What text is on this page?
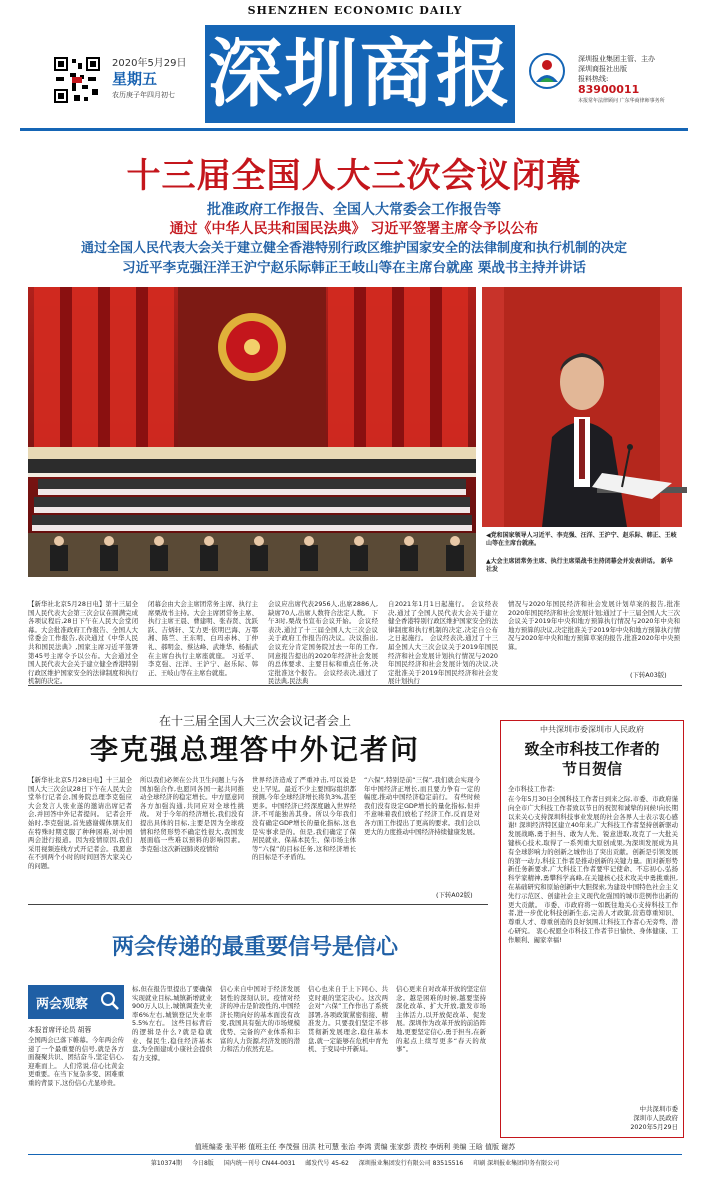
SHENZHEN ECONOMIC DAILY
2020年5月29日
星期五
农历庚子年四月初七 深圳商报	深圳报业集团主管、主办
深圳商报社出版
报料热线:
83900011
本报常年法律顾问 广东华商律师事务所
十三届全国人大三次会议闭幕
批准政府工作报告、全国人大常委会工作报告等
通过《中华人民共和国民法典》 习近平签署主席令予以公布
通过全国人民代表大会关于建立健全香港特别行政区维护国家安全的法律制度和执行机制的决定
习近平李克强汪洋王沪宁赵乐际韩正王岐山等在主席台就座 栗战书主持并讲话
◀党和国家领导人习近平、李克强、汪洋、王沪宁、赵乐际、韩正、王岐山等在主席台就座。
▲大会主席团常务主席、执行主席栗战书主持闭幕会并发表讲话。 新华社发
【新华社北京5月28日电】第十三届全国人民代表大会第三次会议在圆满完成各项议程后,28日下午在人民大会堂闭幕。大会批准政府工作报告、全国人大常委会工作报告,表决通过《中华人民共和国民法典》,国家主席习近平签署第45号主席令予以公布。大会通过全国人民代表大会关于建立健全香港特别行政区维护国家安全的法律制度和执行机制的决定。
闭幕会由大会主席团常务主席、执行主席栗战书主持。大会主席团常务主席、执行主席王晨、曹建明、张春贤、沈跃跃、吉炳轩、艾力更·依明巴海、万鄂湘、陈竺、王东明、白玛赤林、丁仲礼、郝明金、蔡达峰、武维华、杨振武在主席台执行主席座就座。 习近平、李克强、汪洋、王沪宁、赵乐际、韩正、王岐山等在主席台就座。
会议应出席代表2956人,出席2886人,缺席70人,出席人数符合法定人数。 下午3时,栗战书宣布会议开始。 会议经表决,通过了十三届全国人大三次会议关于政府工作报告的决议。决议指出,会议充分肯定国务院过去一年的工作,同意报告提出的2020年经济社会发展的总体要求、主要目标和重点任务,决定批准这个报告。 会议经表决,通过了民法典,民法典
自2021年1月1日起施行。 会议经表决,通过了全国人民代表大会关于建立健全香港特别行政区维护国家安全的法律制度和执行机制的决定,决定自公布之日起施行。 会议经表决,通过了十三届全国人大三次会议关于2019年国民经济和社会发展计划执行情况与2020年国民经济和社会发展计划的决议,决定批准关于2019年国民经济和社会发展计划执行
情况与2020年国民经济和社会发展计划草案的报告,批准2020年国民经济和社会发展计划;通过了十三届全国人大三次会议关于2019年中央和地方预算执行情况与2020年中央和地方预算的决议,决定批准关于2019年中央和地方预算执行情况与2020年中央和地方预算草案的报告,批准2020年中央预算。
(下转A03版)
在十三届全国人大三次会议记者会上
李克强总理答中外记者问
【新华社北京5月28日电】十三届全国人大三次会议28日下午在人民大会堂举行记者会,国务院总理李克强应大会发言人张业遂的邀请出席记者会,并回答中外记者提问。 记者会开始时,李克强说,首先感谢媒体朋友们在特殊时期克服了种种困难,对中国两会进行报道。因为疫情原因,我们采用视频连线方式开记者会。我愿意在不到两个小时的时间回答大家关心的问题。
所以我们必须在公共卫生问题上与各国加强合作,也愿同各国一起共同推动全球经济的稳定增长。中方愿意同各方加强沟通,共同应对全球性挑战。 对于今年的经济增长,我们没有提出具体的目标,主要是因为全球疫情和经贸形势不确定性很大,我国发展面临一些难以预料的影响因素。 李克强:这次新冠肺炎疫情给
世界经济造成了严重冲击,可以说是史上罕见。最近不少主要国际组织都预测,今年全球经济增长将负3%,甚至更多。中国经济已经深度融入世界经济,不可能独善其身。所以今年我们没有确定GDP增长的量化指标,这也是实事求是的。但是,我们确定了保居民就业、保基本民生、保市场主体等“六保”的目标任务,这和经济增长的目标是不矛盾的。
“六保”,特别是前“三保”,我们就会实现今年中国经济正增长,而且要力争有一定的幅度,推动中国经济稳定前行。 有些时候我们没有设定GDP增长的量化指标,但并不意味着我们放松了经济工作,反而是对各方面工作提出了更高的要求。我们会以更大的力度推动中国经济持续健康发展。
(下转A02版)
中共深圳市委深圳市人民政府
致全市科技工作者的
节日贺信
全市科技工作者:
在今年5月30日全国科技工作者日到来之际,市委、市政府谨向全市广大科技工作者致以节日的祝贺和诚挚的问候!向长期以来关心支持深圳科技事业发展的社会各界人士表示衷心感谢! 深圳经济特区建立40年来,广大科技工作者坚持创新驱动发展战略,勇于担当、敢为人先、锐意进取,攻克了一大批关键核心技术,取得了一系列重大原创成果,为深圳发展成为具有全球影响力的创新之城作出了突出贡献。创新是引领发展的第一动力,科技工作者是推动创新的关键力量。面对新形势新任务新要求,广大科技工作者要牢记使命、不忘初心,弘扬科学家精神,勇攀科学高峰,在关键核心技术攻关中勇挑重担,在基础研究和原始创新中大胆探索,为建设中国特色社会主义先行示范区、创建社会主义现代化强国的城市范例作出新的更大贡献。 市委、市政府将一如既往地关心支持科技工作者,进一步优化科技创新生态,完善人才政策,营造尊重知识、尊重人才、尊重创造的良好氛围,让科技工作者心无旁骛、潜心研究。 衷心祝愿全市科技工作者节日愉快、身体健康、工作顺利、阖家幸福!
中共深圳市委
深圳市人民政府
2020年5月29日
两会传递的最重要信号是信心
两会观察
本报首席评论员 胡蓉
全国两会已落下帷幕。今年两会传递了一个最重要的信号,就是各方面凝聚共识、团结奋斗,坚定信心,迎难而上。 人们常说,信心比黄金更重要。在当下复杂多变、困难重重的背景下,这份信心尤显珍贵。
标,但在报告里提出了要确保实现就业目标,城镇新增就业900万人以上,城镇调查失业率6%左右,城镇登记失业率5.5%左右。 这些目标背后的逻辑是什么?就是稳就业、保民生,稳住经济基本盘,为全面建成小康社会提供有力支撑。
信心来自中国对于经济发展韧性的深刻认识。疫情对经济的冲击是阶段性的,中国经济长期向好的基本面没有改变,我国具有强大的市场规模优势、完备的产业体系和丰富的人力资源,经济发展的潜力和活力依然充足。
信心也来自于上下同心、共克时艰的坚定决心。这次两会对“六保”工作作出了系统部署,各项政策紧密衔接、精准发力。只要我们坚定不移贯彻新发展理念,稳住基本盘,就一定能够在危机中育先机、于变局中开新局。
信心更来自对改革开放的坚定信念。越是困难的时候,越要坚持深化改革、扩大开放,激发市场主体活力,以开放促改革、促发展。深圳作为改革开放的前沿阵地,更要坚定信心,勇于担当,在新的起点上续写更多“春天的故事”。
值班编委 张平彬 值班主任 李茂强 田洪 杜可慧 张治 李鸿 责编 张家彭 责校 李炳利 美编 王晗 值版 谢苏
第10374期 今日8版 国内统一刊号 CN44-0031 邮发代号 45-62 深圳报业集团发行有限公司 83515516 印刷 深圳报业集团印务有限公司
